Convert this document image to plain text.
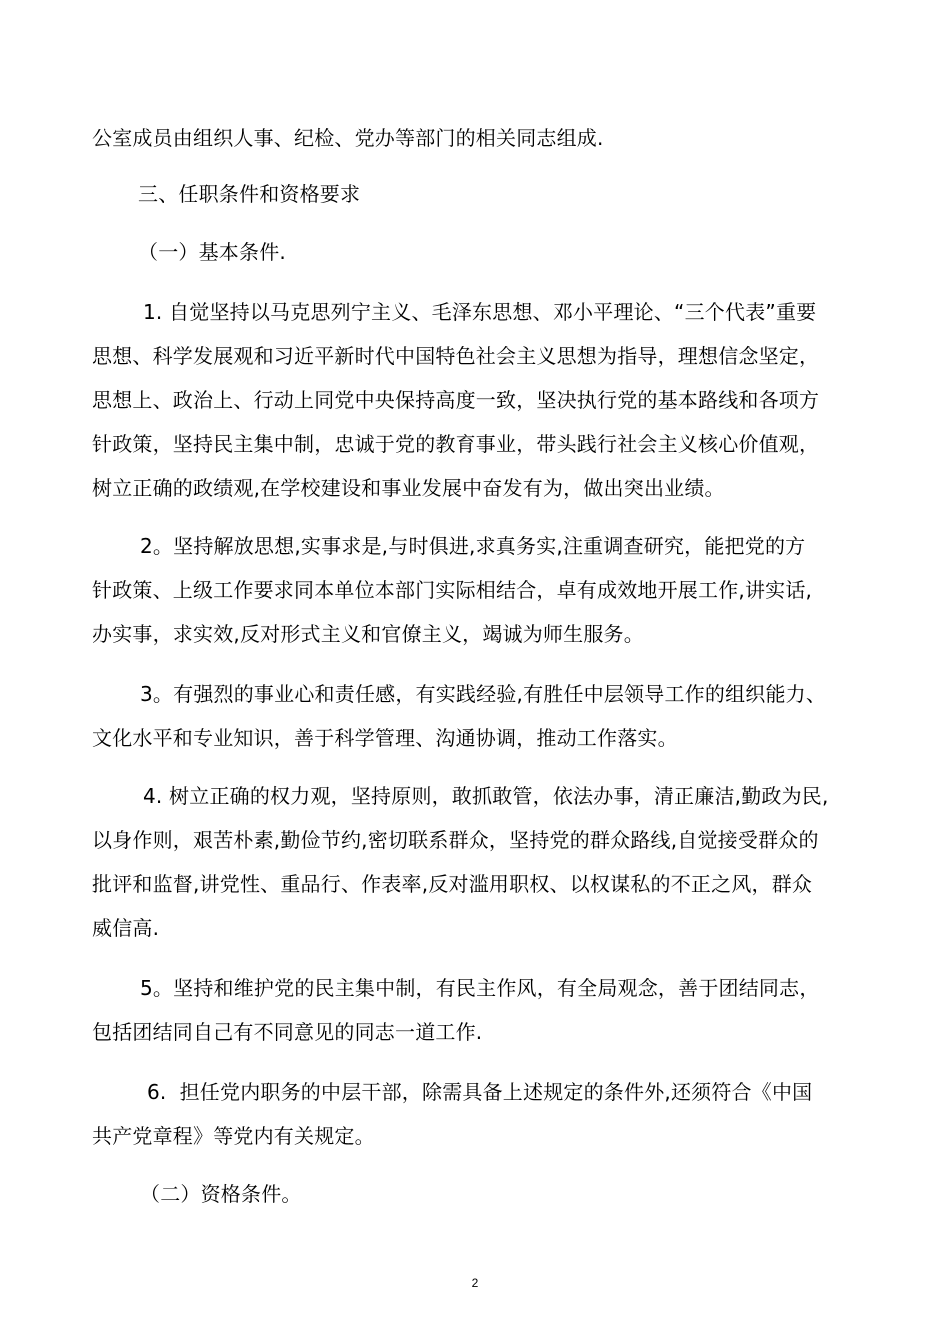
公室成员由组织人事、纪检、党办等部门的相关同志组成.
三、任职条件和资格要求
（一）基本条件.
1. 自觉坚持以马克思列宁主义、毛泽东思想、邓小平理论、“三个代表”重要
思想、科学发展观和习近平新时代中国特色社会主义思想为指导，理想信念坚定，
思想上、政治上、行动上同党中央保持高度一致，坚决执行党的基本路线和各项方
针政策，坚持民主集中制，忠诚于党的教育事业，带头践行社会主义核心价值观，
树立正确的政绩观,在学校建设和事业发展中奋发有为，做出突出业绩。
2。坚持解放思想,实事求是,与时俱进,求真务实,注重调查研究，能把党的方
针政策、上级工作要求同本单位本部门实际相结合，卓有成效地开展工作,讲实话,
办实事，求实效,反对形式主义和官僚主义，竭诚为师生服务。
3。有强烈的事业心和责任感，有实践经验,有胜任中层领导工作的组织能力、
文化水平和专业知识，善于科学管理、沟通协调，推动工作落实。
4. 树立正确的权力观，坚持原则，敢抓敢管，依法办事，清正廉洁,勤政为民,
以身作则，艰苦朴素,勤俭节约,密切联系群众，坚持党的群众路线,自觉接受群众的
批评和监督,讲党性、重品行、作表率,反对滥用职权、以权谋私的不正之风，群众
威信高.
5。坚持和维护党的民主集中制，有民主作风，有全局观念，善于团结同志，
包括团结同自己有不同意见的同志一道工作.
6.  担任党内职务的中层干部，除需具备上述规定的条件外,还须符合《中国
共产党章程》等党内有关规定。
（二）资格条件。
2
